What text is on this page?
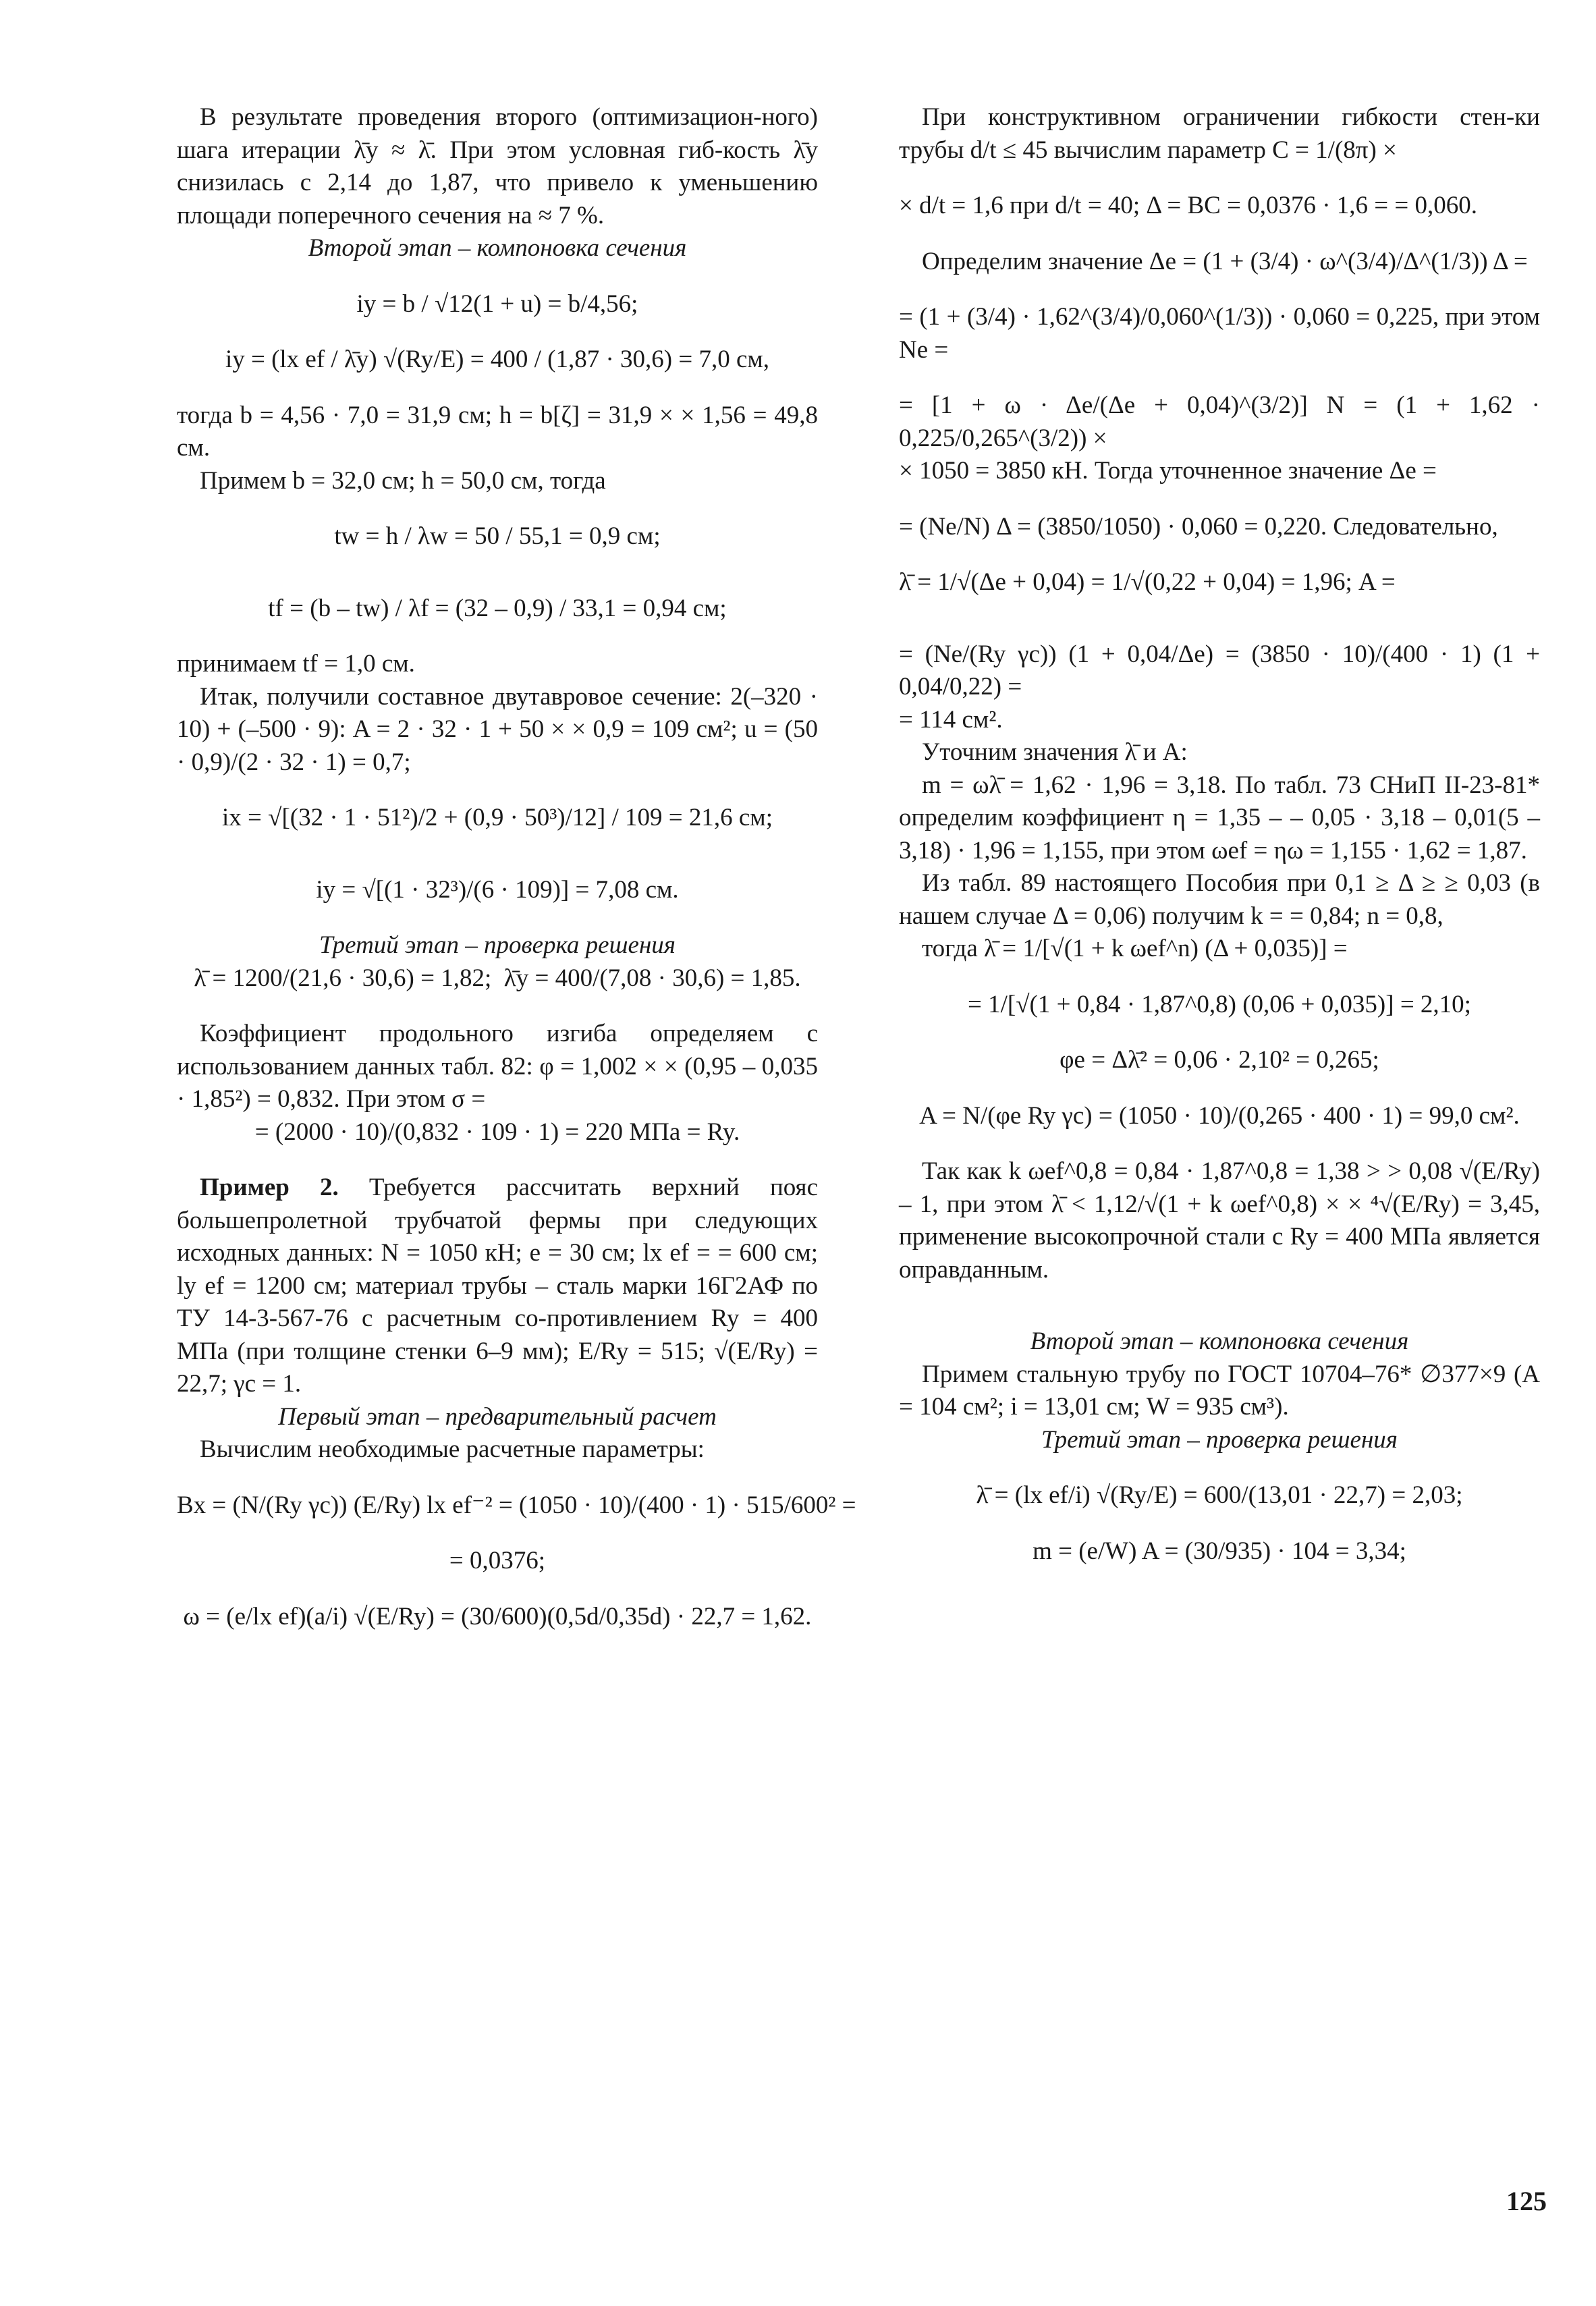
В результате проведения второго (оптимизацион-ного) шага итерации λ̄y ≈ λ̄. При этом условная гиб-кость λ̄y снизилась с 2,14 до 1,87, что привело к уменьшению площади поперечного сечения на ≈ 7 %.

Второй этап – компоновка сечения

iy = b / √12(1 + u) = b/4,56;
iy = (lx ef / λ̄y) √(Ry/E) = 400 / (1,87 · 30,6) = 7,0 см,

тогда b = 4,56 · 7,0 = 31,9 см; h = b[ζ] = 31,9 × × 1,56 = 49,8 см.

Примем b = 32,0 см; h = 50,0 см, тогда

tw = h / λw = 50 / 55,1 = 0,9 см;
tf = (b – tw) / λf = (32 – 0,9) / 33,1 = 0,94 см;

принимаем tf = 1,0 см.

Итак, получили составное двутавровое сечение: 2(–320 · 10) + (–500 · 9): A = 2 · 32 · 1 + 50 × × 0,9 = 109 см²; u = (50 · 0,9)/(2 · 32 · 1) = 0,7;

ix = √[(32 · 1 · 51²)/2 + (0,9 · 50³)/12] / 109 = 21,6 см;
iy = √[(1 · 32³)/(6 · 109)] = 7,08 см.

Третий этап – проверка решения

λ̄ = 1200/(21,6 · 30,6) = 1,82;  λ̄y = 400/(7,08 · 30,6) = 1,85.

Коэффициент продольного изгиба определяем с использованием данных табл. 82: φ = 1,002 × × (0,95 – 0,035 · 1,85²) = 0,832. При этом σ =

= (2000 · 10)/(0,832 · 109 · 1) = 220 МПа = Ry.

Пример 2. Требуется рассчитать верхний пояс большепролетной трубчатой фермы при следующих исходных данных: N = 1050 кН; e = 30 см; lx ef = = 600 см; ly ef = 1200 см; материал трубы – сталь марки 16Г2АФ по ТУ 14-3-567-76 с расчетным со-противлением Ry = 400 МПа (при толщине стенки 6–9 мм); E/Ry = 515; √(E/Ry) = 22,7; γc = 1.

Первый этап – предварительный расчет

Вычислим необходимые расчетные параметры:

Bx = (N/(Ry γc)) (E/Ry) lx ef⁻² = (1050 · 10)/(400 · 1) · 515/600² =
= 0,0376;
ω = (e/lx ef)(a/i) √(E/Ry) = (30/600)(0,5d/0,35d) · 22,7 = 1,62.

При конструктивном ограничении гибкости стен-ки трубы d/t ≤ 45 вычислим параметр C = 1/(8π) ×

× d/t = 1,6 при d/t = 40; Δ = BC = 0,0376 · 1,6 = = 0,060.

Определим значение Δe = (1 + (3/4) · ω^(3/4)/Δ^(1/3)) Δ =

= (1 + (3/4) · 1,62^(3/4)/0,060^(1/3)) · 0,060 = 0,225, при этом Ne =

= [1 + ω · Δe/(Δe + 0,04)^(3/2)] N = (1 + 1,62 · 0,225/0,265^(3/2)) ×

× 1050 = 3850 кН. Тогда уточненное значение Δe =

= (Ne/N) Δ = (3850/1050) · 0,060 = 0,220. Следовательно,

λ̄ = 1/√(Δe + 0,04) = 1/√(0,22 + 0,04) = 1,96; A =

= (Ne/(Ry γc)) (1 + 0,04/Δe) = (3850 · 10)/(400 · 1) (1 + 0,04/0,22) =

= 114 см².

Уточним значения λ̄ и A:

m = ωλ̄ = 1,62 · 1,96 = 3,18. По табл. 73 СНиП II-23-81* определим коэффициент η = 1,35 – – 0,05 · 3,18 – 0,01(5 – 3,18) · 1,96 = 1,155, при этом ωef = ηω = 1,155 · 1,62 = 1,87.

Из табл. 89 настоящего Пособия при 0,1 ≥ Δ ≥ ≥ 0,03 (в нашем случае Δ = 0,06) получим k = = 0,84; n = 0,8,

тогда λ̄ = 1/[√(1 + k ωef^n) (Δ + 0,035)] =

= 1/[√(1 + 0,84 · 1,87^0,8) (0,06 + 0,035)] = 2,10;
φe = Δλ̄² = 0,06 · 2,10² = 0,265;
A = N/(φe Ry γc) = (1050 · 10)/(0,265 · 400 · 1) = 99,0 см².

Так как k ωef^0,8 = 0,84 · 1,87^0,8 = 1,38 > > 0,08 √(E/Ry) – 1, при этом λ̄ < 1,12/√(1 + k ωef^0,8) × × ⁴√(E/Ry) = 3,45, применение высокопрочной стали с Ry = 400 МПа является оправданным.

Второй этап – компоновка сечения

Примем стальную трубу по ГОСТ 10704–76* ∅377×9 (A = 104 см²; i = 13,01 см; W = 935 см³).

Третий этап – проверка решения

λ̄ = (lx ef/i) √(Ry/E) = 600/(13,01 · 22,7) = 2,03;
m = (e/W) A = (30/935) · 104 = 3,34;
125
